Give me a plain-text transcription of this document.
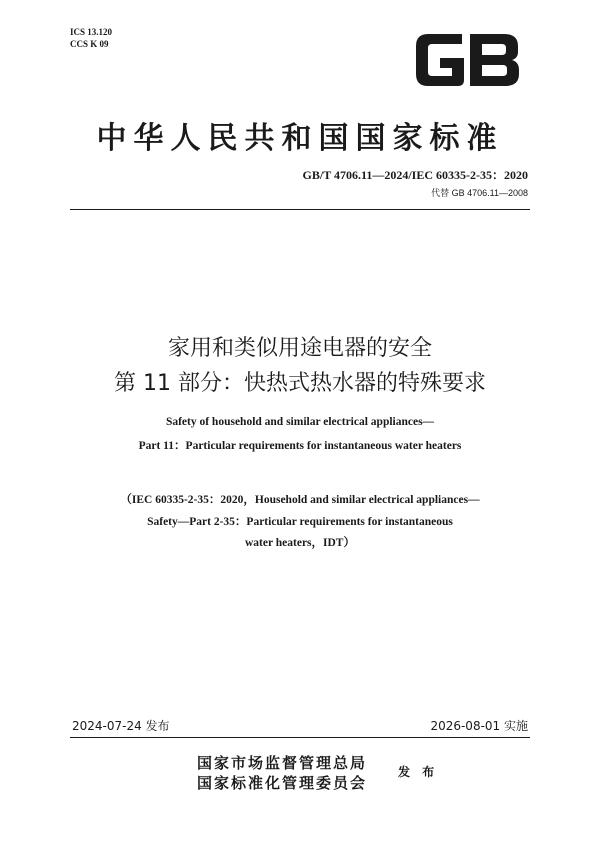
ICS 13.120
CCS K 09
中华人民共和国国家标准
GB/T 4706.11—2024/IEC 60335-2-35：2020
代替 GB 4706.11—2008
家用和类似用途电器的安全
第 11 部分：快热式热水器的特殊要求
Safety of household and similar electrical appliances—
Part 11：Particular requirements for instantaneous water heaters
（IEC 60335-2-35：2020，Household and similar electrical appliances—
Safety—Part 2-35：Particular requirements for instantaneous
water heaters，IDT）
2024-07-24 发布	2026-08-01 实施
国家市场监督管理总局
国家标准化管理委员会
发 布
